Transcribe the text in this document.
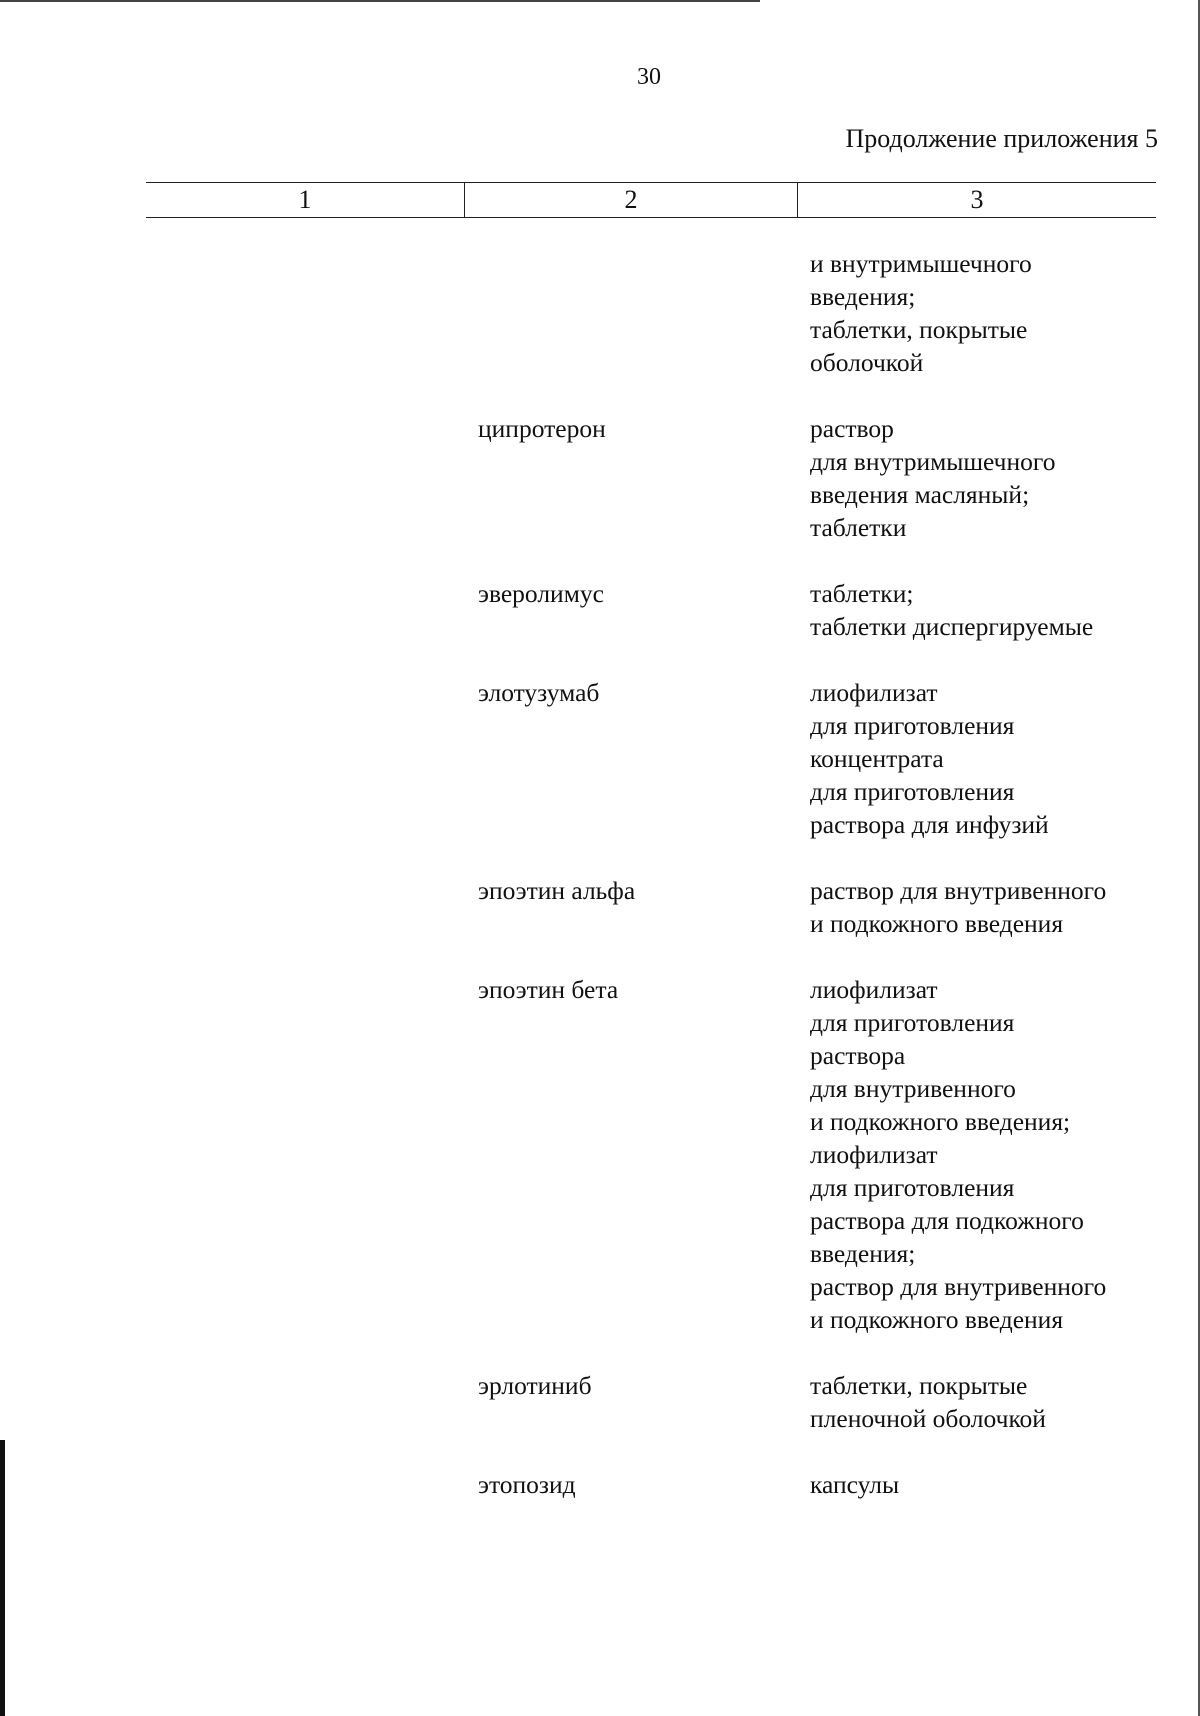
30
Продолжение приложения 5
1	2	3
и внутримышечного
введения;
таблетки, покрытые
оболочкой
ципротерон	раствор
для внутримышечного
введения масляный;
таблетки
эверолимус	таблетки;
таблетки диспергируемые
элотузумаб	лиофилизат
для приготовления
концентрата
для приготовления
раствора для инфузий
эпоэтин альфа	раствор для внутривенного
и подкожного введения
эпоэтин бета	лиофилизат
для приготовления
раствора
для внутривенного
и подкожного введения;
лиофилизат
для приготовления
раствора для подкожного
введения;
раствор для внутривенного
и подкожного введения
эрлотиниб	таблетки, покрытые
пленочной оболочкой
этопозид	капсулы
